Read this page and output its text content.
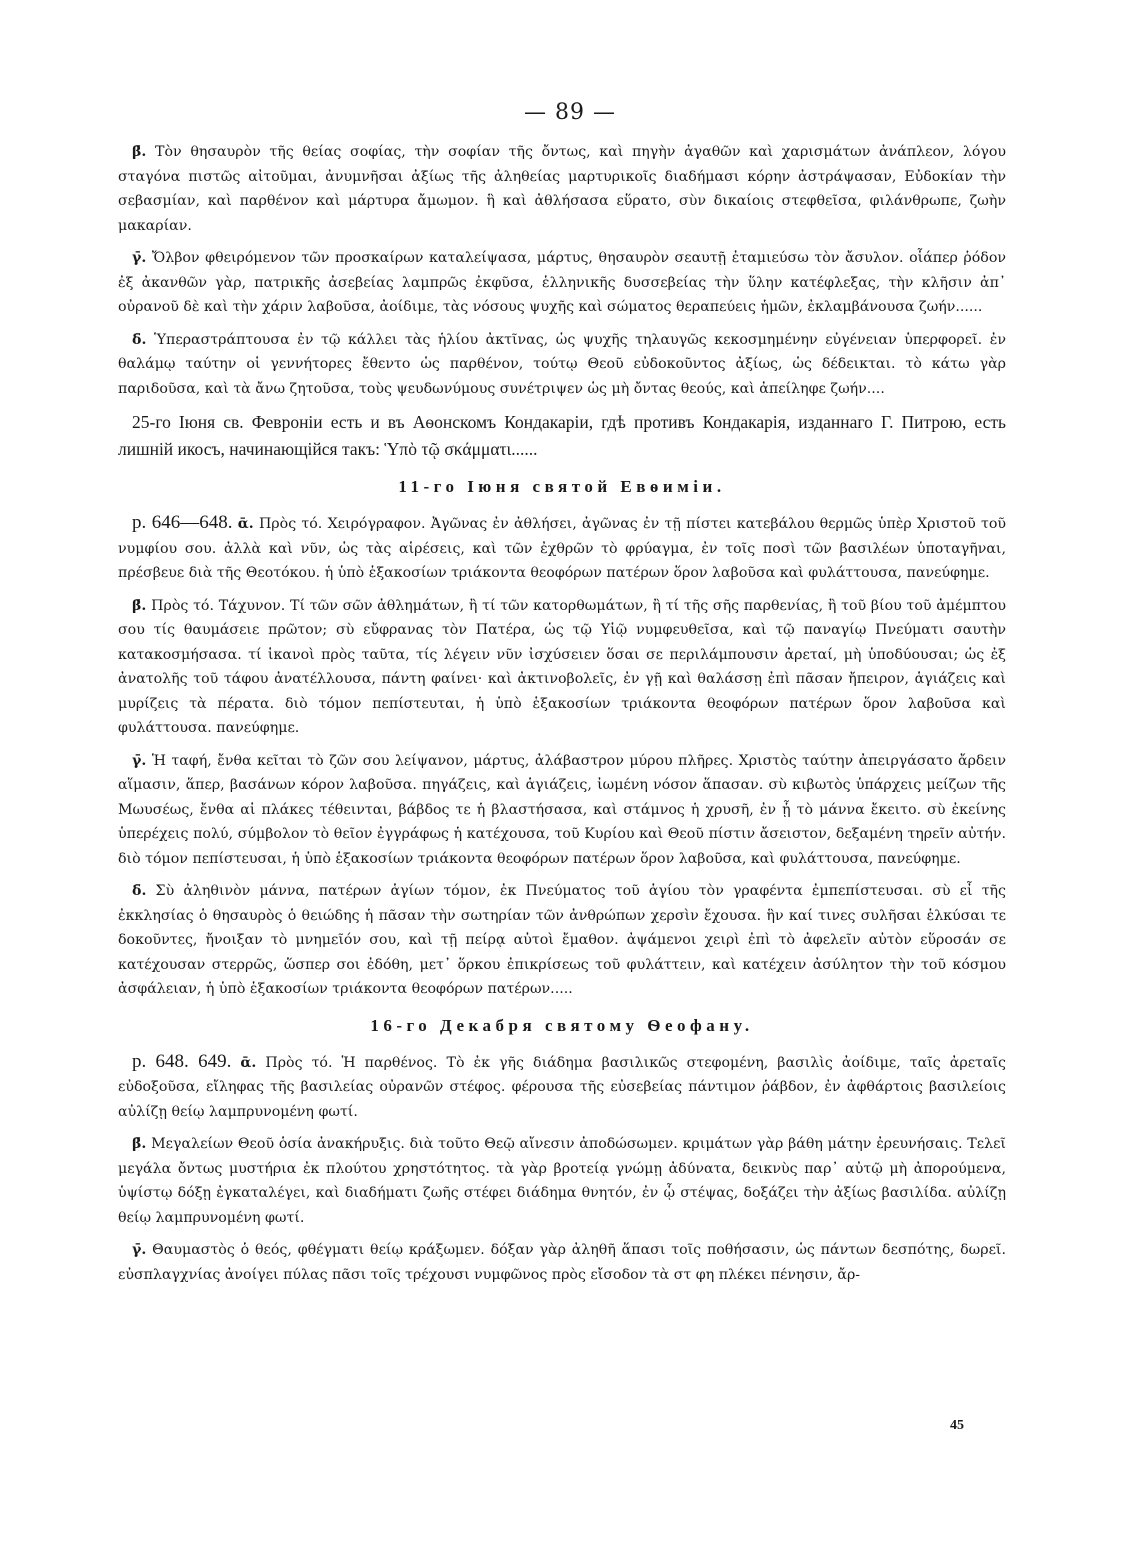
— 89 —

β̄. Τὸν θησαυρὸν τῆς θείας σοφίας, τὴν σοφίαν τῆς ὄντως, καὶ πηγὴν ἀγαθῶν καὶ χαρισμάτων ἀνάπλεον, λόγου σταγόνα πιστῶς αἰτοῦμαι, ἀνυμνῆσαι ἀξίως τῆς ἀληθείας μαρτυρικοῖς διαδήμασι κόρην ἀστράψασαν, Εὐδοκίαν τὴν σεβασμίαν, καὶ παρθένον καὶ μάρτυρα ἄμωμον. ἣ καὶ ἀθλήσασα εὕρατο, σὺν δικαίοις στεφθεῖσα, φιλάνθρωπε, ζωὴν μακαρίαν.

γ̄. Ὄλβον φθειρόμενον τῶν προσκαίρων καταλείψασα, μάρτυς, θησαυρὸν σεαυτῇ ἐταμιεύσω τὸν ἄσυλον. οἷάπερ ῥόδον ἐξ ἀκανθῶν γὰρ, πατρικῆς ἀσεβείας λαμπρῶς ἐκφῦσα, ἑλληνικῆς δυσσεβείας τὴν ὕλην κατέφλεξας, τὴν κλῆσιν ἀπ᾽ οὐρανοῦ δὲ καὶ τὴν χάριν λαβοῦσα, ἀοίδιμε, τὰς νόσους ψυχῆς καὶ σώματος θεραπεύεις ἡμῶν, ἐκλαμβάνουσα ζωήν......

δ̄. Ὑπεραστράπτουσα ἐν τῷ κάλλει τὰς ἡλίου ἀκτῖνας, ὡς ψυχῆς τηλαυγῶς κεκοσμημένην εὐγένειαν ὑπερφορεῖ. ἐν θαλάμῳ ταύτην οἱ γεννήτορες ἔθεντο ὡς παρθένον, τούτῳ Θεοῦ εὐδοκοῦντος ἀξίως, ὡς δέδεικται. τὸ κάτω γὰρ παριδοῦσα, καὶ τὰ ἄνω ζητοῦσα, τοὺς ψευδωνύμους συνέτριψεν ὡς μὴ ὄντας θεούς, καὶ ἀπείληφε ζωήν....

25-го Іюня св. Февроніи есть и въ Аѳонскомъ Кондакаріи, гдѣ противъ Кондакарія, изданнаго Г. Питрою, есть лишній икосъ, начинающійся такъ: Ὑπὸ τῷ σκάμματι......

11-го Іюня святой Евѳиміи.

р. 646—648. ᾱ. Πρὸς τό. Χειρόγραφον. Ἀγῶνας ἐν ἀθλήσει, ἀγῶνας ἐν τῇ πίστει κατεβάλου θερμῶς ὑπὲρ Χριστοῦ τοῦ νυμφίου σου. ἀλλὰ καὶ νῦν, ὡς τὰς αἱρέσεις, καὶ τῶν ἐχθρῶν τὸ φρύαγμα, ἐν τοῖς ποσὶ τῶν βασιλέων ὑποταγῆναι, πρέσβευε διὰ τῆς Θεοτόκου. ἡ ὑπὸ ἑξακοσίων τριάκοντα θεοφόρων πατέρων ὅρον λαβοῦσα καὶ φυλάττουσα, πανεύφημε.

β̄. Πρὸς τό. Τάχυνον. Τί τῶν σῶν ἀθλημάτων, ἢ τί τῶν κατορθωμάτων, ἢ τί τῆς σῆς παρθενίας, ἢ τοῦ βίου τοῦ ἀμέμπτου σου τίς θαυμάσειε πρῶτον; σὺ εὔφρανας τὸν Πατέρα, ὡς τῷ Υἱῷ νυμφευθεῖσα, καὶ τῷ παναγίῳ Πνεύματι σαυτὴν κατακοσμήσασα. τί ἱκανοὶ πρὸς ταῦτα, τίς λέγειν νῦν ἰσχύσειεν ὅσαι σε περιλάμπουσιν ἀρεταί, μὴ ὑποδύουσαι; ὡς ἐξ ἀνατολῆς τοῦ τάφου ἀνατέλλουσα, πάντη φαίνει· καὶ ἀκτινοβολεῖς, ἐν γῇ καὶ θαλάσσῃ ἐπὶ πᾶσαν ἤπειρον, ἁγιάζεις καὶ μυρίζεις τὰ πέρατα. διὸ τόμον πεπίστευται, ἡ ὑπὸ ἑξακοσίων τριάκοντα θεοφόρων πατέρων ὅρον λαβοῦσα καὶ φυλάττουσα. πανεύφημε.

γ̄. Ἡ ταφή, ἔνθα κεῖται τὸ ζῶν σου λείψανον, μάρτυς, ἀλάβαστρον μύρου πλῆρες. Χριστὸς ταύτην ἀπειργάσατο ἄρδειν αἵμασιν, ἅπερ, βασάνων κόρον λαβοῦσα. πηγάζεις, καὶ ἁγιάζεις, ἰωμένη νόσον ἅπασαν. σὺ κιβωτὸς ὑπάρχεις μείζων τῆς Μωυσέως, ἔνθα αἱ πλάκες τέθεινται, βάβδος τε ἡ βλαστήσασα, καὶ στάμνος ἡ χρυσῆ, ἐν ᾗ τὸ μάννα ἔκειτο. σὺ ἐκείνης ὑπερέχεις πολύ, σύμβολον τὸ θεῖον ἐγγράφως ἡ κατέχουσα, τοῦ Κυρίου καὶ Θεοῦ πίστιν ἄσειστον, δεξαμένη τηρεῖν αὐτήν. διὸ τόμον πεπίστευσαι, ἡ ὑπὸ ἑξακοσίων τριάκοντα θεοφόρων πατέρων ὅρον λαβοῦσα, καὶ φυλάττουσα, πανεύφημε.

δ̄. Σὺ ἀληθινὸν μάννα, πατέρων ἁγίων τόμον, ἐκ Πνεύματος τοῦ ἁγίου τὸν γραφέντα ἐμπεπίστευσαι. σὺ εἶ τῆς ἐκκλησίας ὁ θησαυρὸς ὁ θειώδης ἡ πᾶσαν τὴν σωτηρίαν τῶν ἀνθρώπων χερσὶν ἔχουσα. ἣν καί τινες συλῆσαι ἑλκύσαι τε δοκοῦντες, ἤνοιξαν τὸ μνημεῖόν σου, καὶ τῇ πείρᾳ αὐτοὶ ἔμαθον. ἀψάμενοι χειρὶ ἐπὶ τὸ ἀφελεῖν αὐτὸν εὕροσάν σε κατέχουσαν στερρῶς, ὥσπερ σοι ἐδόθη, μετ᾽ ὅρκου ἐπικρίσεως τοῦ φυλάττειν, καὶ κατέχειν ἀσύλητον τὴν τοῦ κόσμου ἀσφάλειαν, ἡ ὑπὸ ἑξακοσίων τριάκοντα θεοφόρων πατέρων.....

16-го Декабря святому Ѳеофану.

р. 648. 649. ᾱ. Πρὸς τό. Ἡ παρθένος. Τὸ ἐκ γῆς διάδημα βασιλικῶς στεφομένη, βασιλὶς ἀοίδιμε, ταῖς ἀρεταῖς εὐδοξοῦσα, εἴληφας τῆς βασιλείας οὐρανῶν στέφος. φέρουσα τῆς εὐσεβείας πάντιμον ῥάβδον, ἐν ἀφθάρτοις βασιλείοις αὐλίζῃ θείῳ λαμπρυνομένη φωτί.

β̄. Μεγαλείων Θεοῦ ὁσία ἀνακήρυξις. διὰ τοῦτο Θεῷ αἴνεσιν ἀποδώσωμεν. κριμάτων γὰρ βάθη μάτην ἐρευνήσαις. Τελεῖ μεγάλα ὄντως μυστήρια ἐκ πλούτου χρηστότητος. τὰ γὰρ βροτείᾳ γνώμῃ ἀδύνατα, δεικνὺς παρ᾽ αὐτῷ μὴ ἀπορούμενα, ὑψίστῳ δόξῃ ἐγκαταλέγει, καὶ διαδήματι ζωῆς στέφει διάδημα θνητόν, ἐν ᾧ στέψας, δοξάζει τὴν ἀξίως βασιλίδα. αὐλίζῃ θείῳ λαμπρυνομένη φωτί.

γ̄. Θαυμαστὸς ὁ θεός, φθέγματι θείῳ κράξωμεν. δόξαν γὰρ ἀληθῆ ἅπασι τοῖς ποθήσασιν, ὡς πάντων δεσπότης, δωρεῖ. εὐσπλαγχνίας ἀνοίγει πύλας πᾶσι τοῖς τρέχουσι νυμφῶνος πρὸς εἴσοδον τὰ στ φη πλέκει πένησιν, ἄρ-

45
